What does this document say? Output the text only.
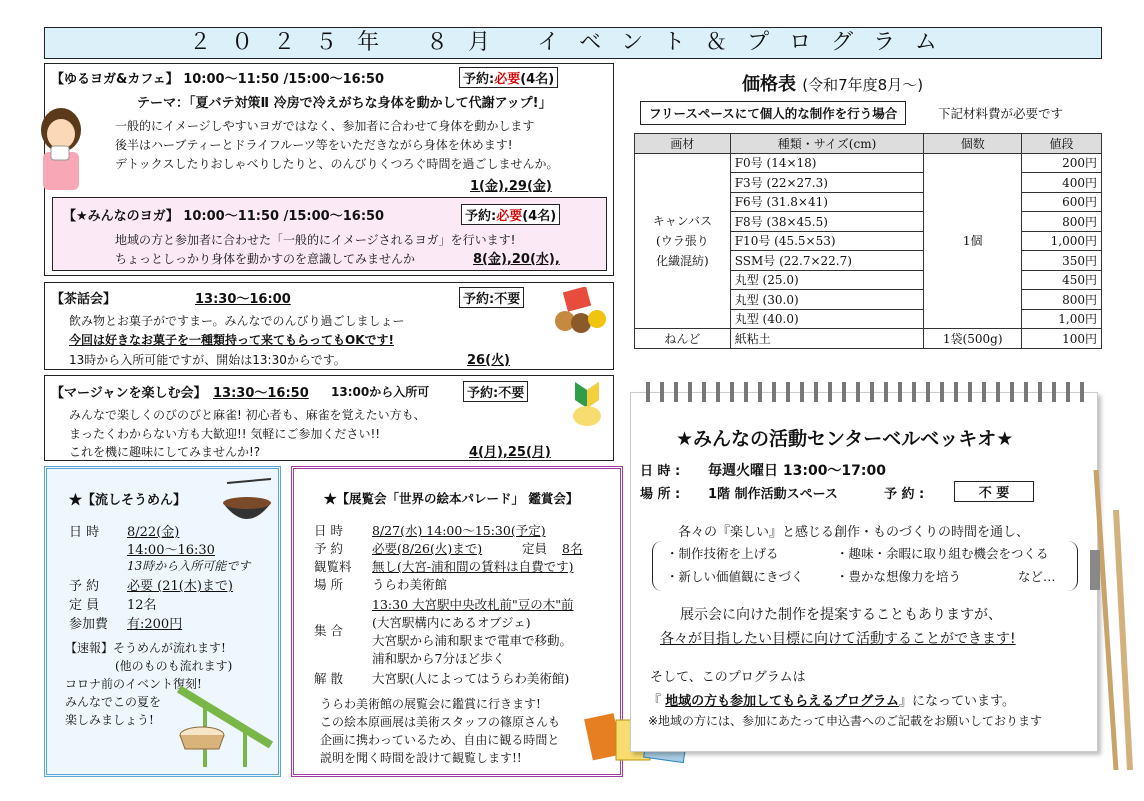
２０２５年 ８月 イベント＆プログラム
【ゆるヨガ&カフェ】 10:00～11:50 /15:00～16:50	予約:必要(4名)
テーマ：「夏バテ対策Ⅱ 冷房で冷えがちな身体を動かして代謝アップ!」
一般的にイメージしやすいヨガではなく、参加者に合わせて身体を動かします
後半はハーブティーとドライフルーツ等をいただきながら身体を休めます!
デトックスしたりおしゃべりしたりと、のんびりくつろぐ時間を過ごしませんか。
1(金),29(金)
【★みんなのヨガ】 10:00～11:50 /15:00～16:50	予約:必要(4名)
地域の方と参加者に合わせた「一般的にイメージされるヨガ」を行います!
ちょっとしっかり身体を動かすのを意識してみませんか	8(金),20(水),
【茶話会】	13:30～16:00	予約:不要
飲み物とお菓子がですまー。みんなでのんびり過ごしましょー
今回は好きなお菓子を一種類持って来てもらってもOKです!
13時から入所可能ですが、開始は13:30からです。	26(火)
【マージャンを楽しむ会】 13:30～16:50 13:00から入所可	予約:不要
みんなで楽しくのびのびと麻雀! 初心者も、麻雀を覚えたい方も、
まったくわからない方も大歓迎!! 気軽にご参加ください!!
これを機に趣味にしてみませんか!?	4(月),25(月)
★【流しそうめん】
日 時 8/22(金)
14:00～16:30
13時から入所可能です
予 約 必要 (21(木)まで)
定 員 12名
参加費 有:200円
【速報】そうめんが流れます!
(他のものも流れます)
コロナ前のイベント復刻!
みんなでこの夏を
楽しみましょう!
★【展覧会「世界の絵本パレード」 鑑賞会】
日 時 8/27(水) 14:00～15:30(予定)
予 約 必要(8/26(火)まで)	定員 8名
観覧料 無し(大宮-浦和間の賃料は自費です)
場 所 うらわ美術館
集 合
13:30 大宮駅中央改札前"豆の木"前
(大宮駅構内にあるオブジェ)
大宮駅から浦和駅まで電車で移動。
浦和駅から7分ほど歩く
解 散 大宮駅(人によってはうらわ美術館)
うらわ美術館の展覧会に鑑賞に行きます!
この絵本原画展は美術スタッフの篠原さんも
企画に携わっているため、自由に観る時間と
説明を聞く時間を設けて観覧します!!
価格表 (令和7年度8月～)
フリースペースにて個人的な制作を行う場合	下記材料費が必要です
画材	種類・サイズ(cm)	個数	値段

キャンバス
(ウラ張り
化繊混紡)	F0号 (14×18)	1個	200円
	F3号 (22×27.3)		400円
	F6号 (31.8×41)		600円
	F8号 (38×45.5)		800円
	F10号 (45.5×53)		1,000円
	SSM号 (22.7×22.7)		350円
	丸型 (25.0)		450円
	丸型 (30.0)		800円
	丸型 (40.0)		1,00円
ねんど	紙粘土	1袋(500g)	100円
★みんなの活動センターベルベッキオ★
日 時 : 毎週火曜日 13:00～17:00
場 所 : 1階 制作活動スペース	予 約 :	不 要
各々の『楽しい』と感じる創作・ものづくりの時間を通し、
・制作技術を上げる	・趣味・余暇に取り組む機会をつくる
・新しい価値観にきづく	・豊かな想像力を培う	など…
展示会に向けた制作を提案することもありますが、
各々が目指したい目標に向けて活動することができます!
そして、このプログラムは
『 地域の方も参加してもらえるプログラム』になっています。
※地域の方には、参加にあたって申込書へのご記載をお願いしております
